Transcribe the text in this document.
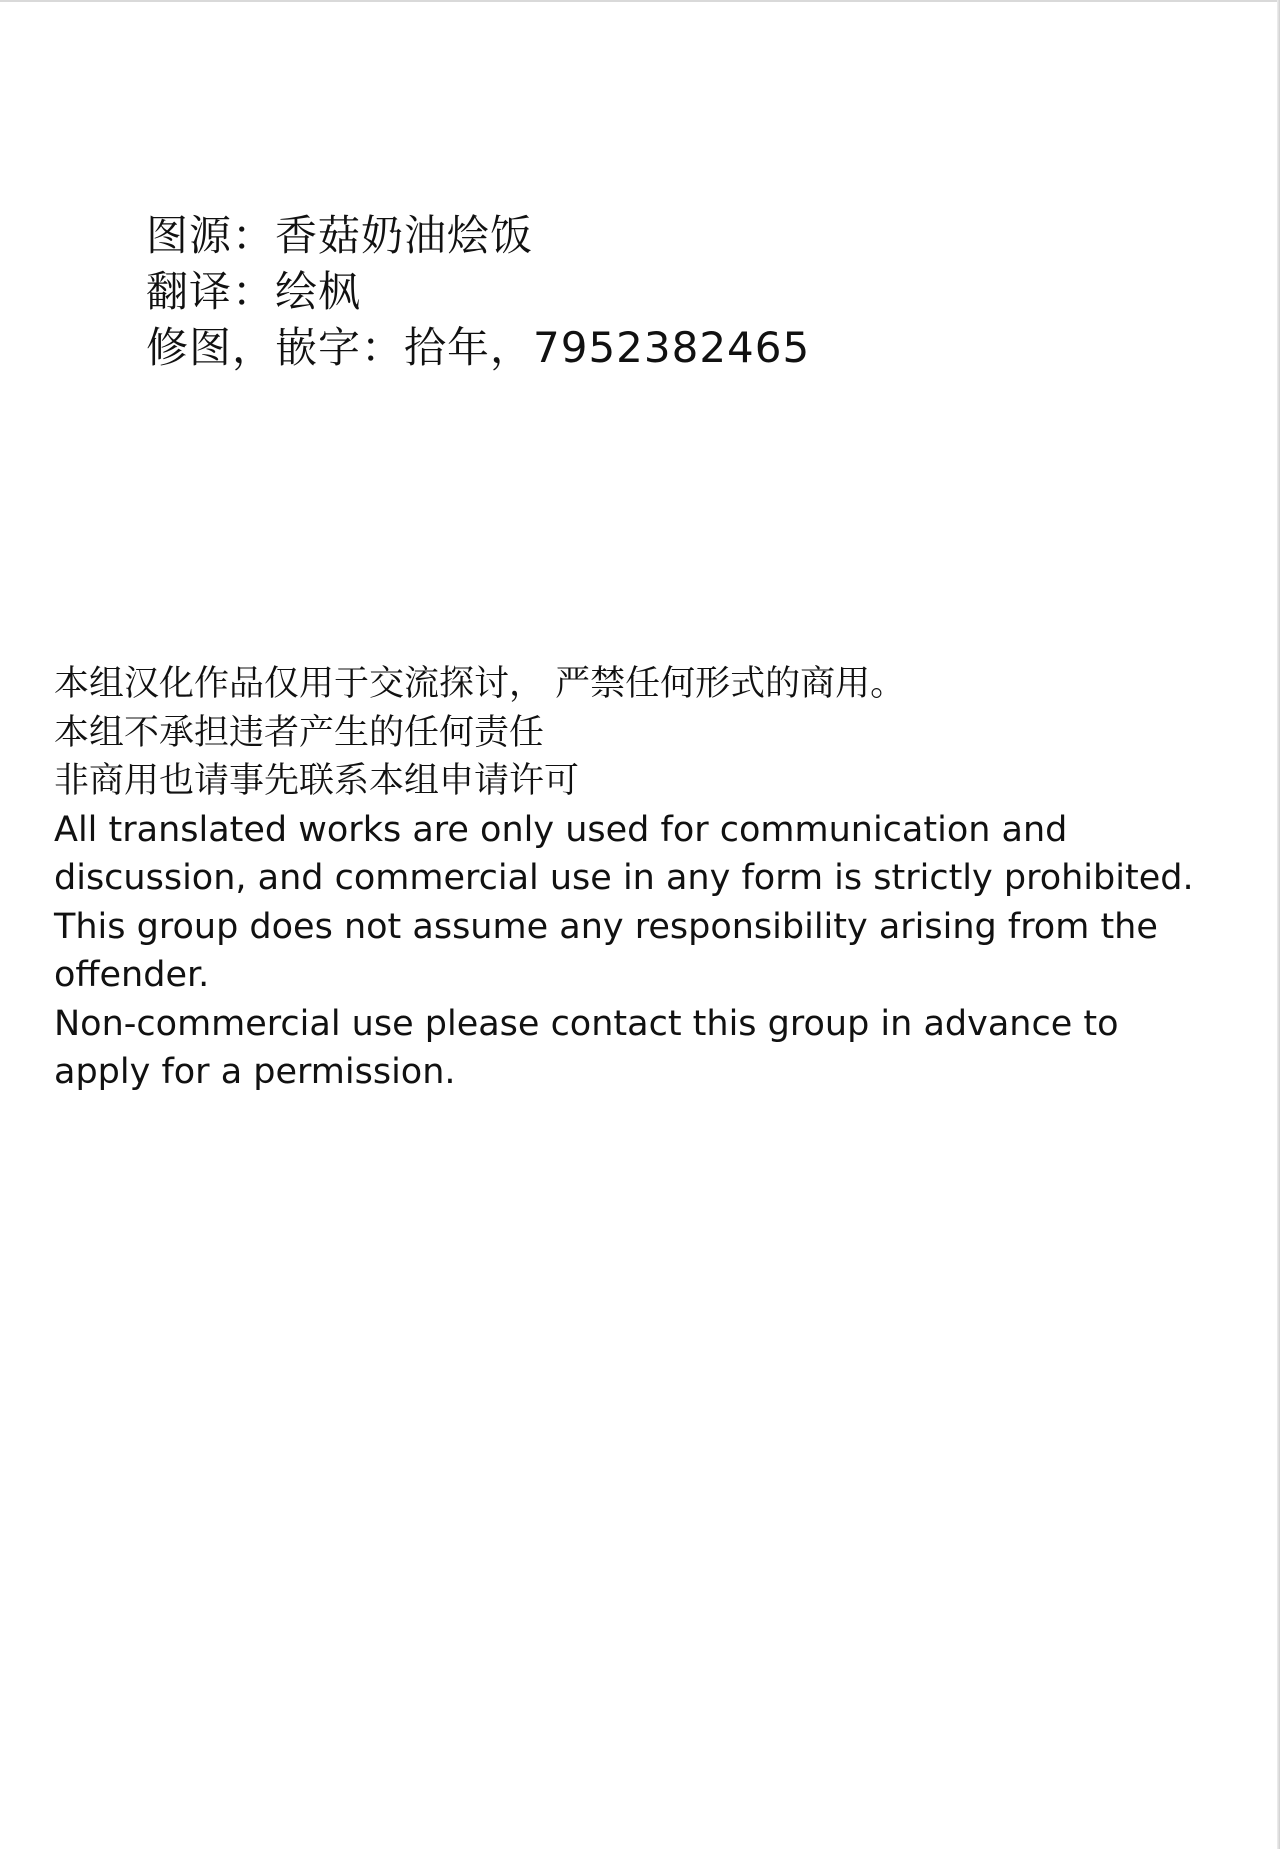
图源：香菇奶油烩饭
翻译：绘枫
修图，嵌字：拾年，7952382465
本组汉化作品仅用于交流探讨， 严禁任何形式的商用。
本组不承担违者产生的任何责任
非商用也请事先联系本组申请许可
All translated works are only used for communication and
discussion, and commercial use in any form is strictly prohibited.
This group does not assume any responsibility arising from the
offender.
Non-commercial use please contact this group in advance to
apply for a permission.
